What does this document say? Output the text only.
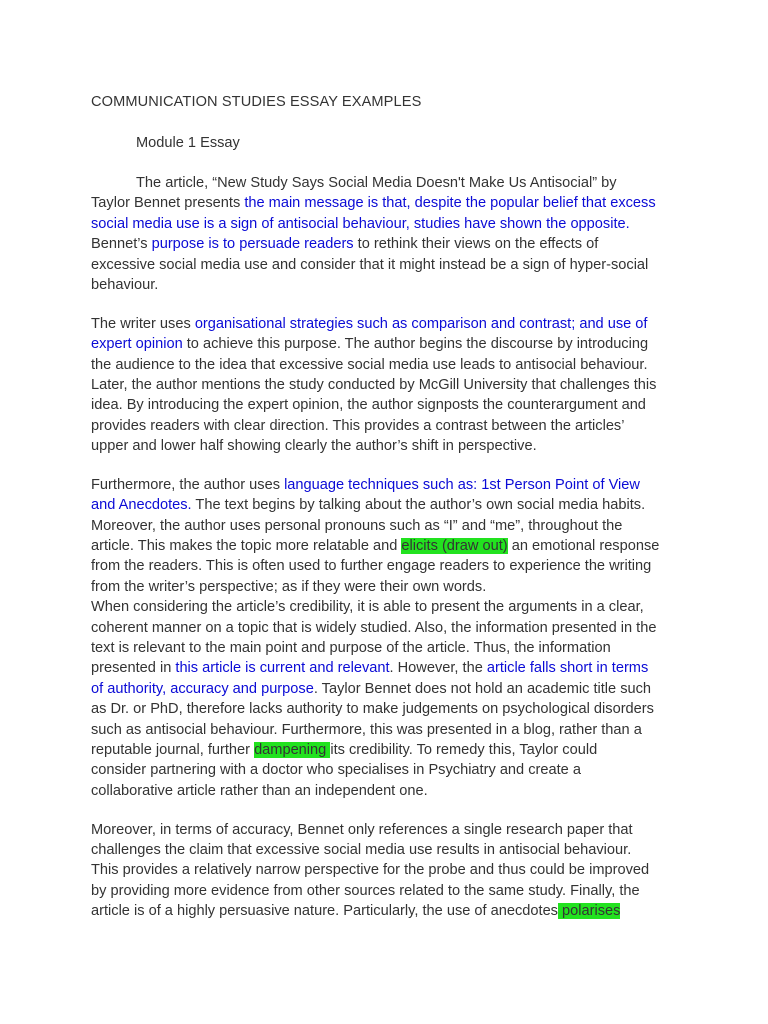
COMMUNICATION STUDIES ESSAY EXAMPLES
Module 1 Essay
The article, “New Study Says Social Media Doesn't Make Us Antisocial” by
Taylor Bennet presents the main message is that, despite the popular belief that excess
social media use is a sign of antisocial behaviour, studies have shown the opposite.
Bennet’s purpose is to persuade readers to rethink their views on the effects of
excessive social media use and consider that it might instead be a sign of hyper-social
behaviour.
The writer uses organisational strategies such as comparison and contrast; and use of
expert opinion to achieve this purpose. The author begins the discourse by introducing
the audience to the idea that excessive social media use leads to antisocial behaviour.
Later, the author mentions the study conducted by McGill University that challenges this
idea. By introducing the expert opinion, the author signposts the counterargument and
provides readers with clear direction. This provides a contrast between the articles’
upper and lower half showing clearly the author’s shift in perspective.
Furthermore, the author uses language techniques such as: 1st Person Point of View
and Anecdotes. The text begins by talking about the author’s own social media habits.
Moreover, the author uses personal pronouns such as “I” and “me”, throughout the
article. This makes the topic more relatable and elicits (draw out) an emotional response
from the readers. This is often used to further engage readers to experience the writing
from the writer’s perspective; as if they were their own words.
When considering the article’s credibility, it is able to present the arguments in a clear,
coherent manner on a topic that is widely studied. Also, the information presented in the
text is relevant to the main point and purpose of the article. Thus, the information
presented in this article is current and relevant. However, the article falls short in terms
of authority, accuracy and purpose. Taylor Bennet does not hold an academic title such
as Dr. or PhD, therefore lacks authority to make judgements on psychological disorders
such as antisocial behaviour. Furthermore, this was presented in a blog, rather than a
reputable journal, further dampening its credibility. To remedy this, Taylor could
consider partnering with a doctor who specialises in Psychiatry and create a
collaborative article rather than an independent one.
Moreover, in terms of accuracy, Bennet only references a single research paper that
challenges the claim that excessive social media use results in antisocial behaviour.
This provides a relatively narrow perspective for the probe and thus could be improved
by providing more evidence from other sources related to the same study. Finally, the
article is of a highly persuasive nature. Particularly, the use of anecdotes polarises
